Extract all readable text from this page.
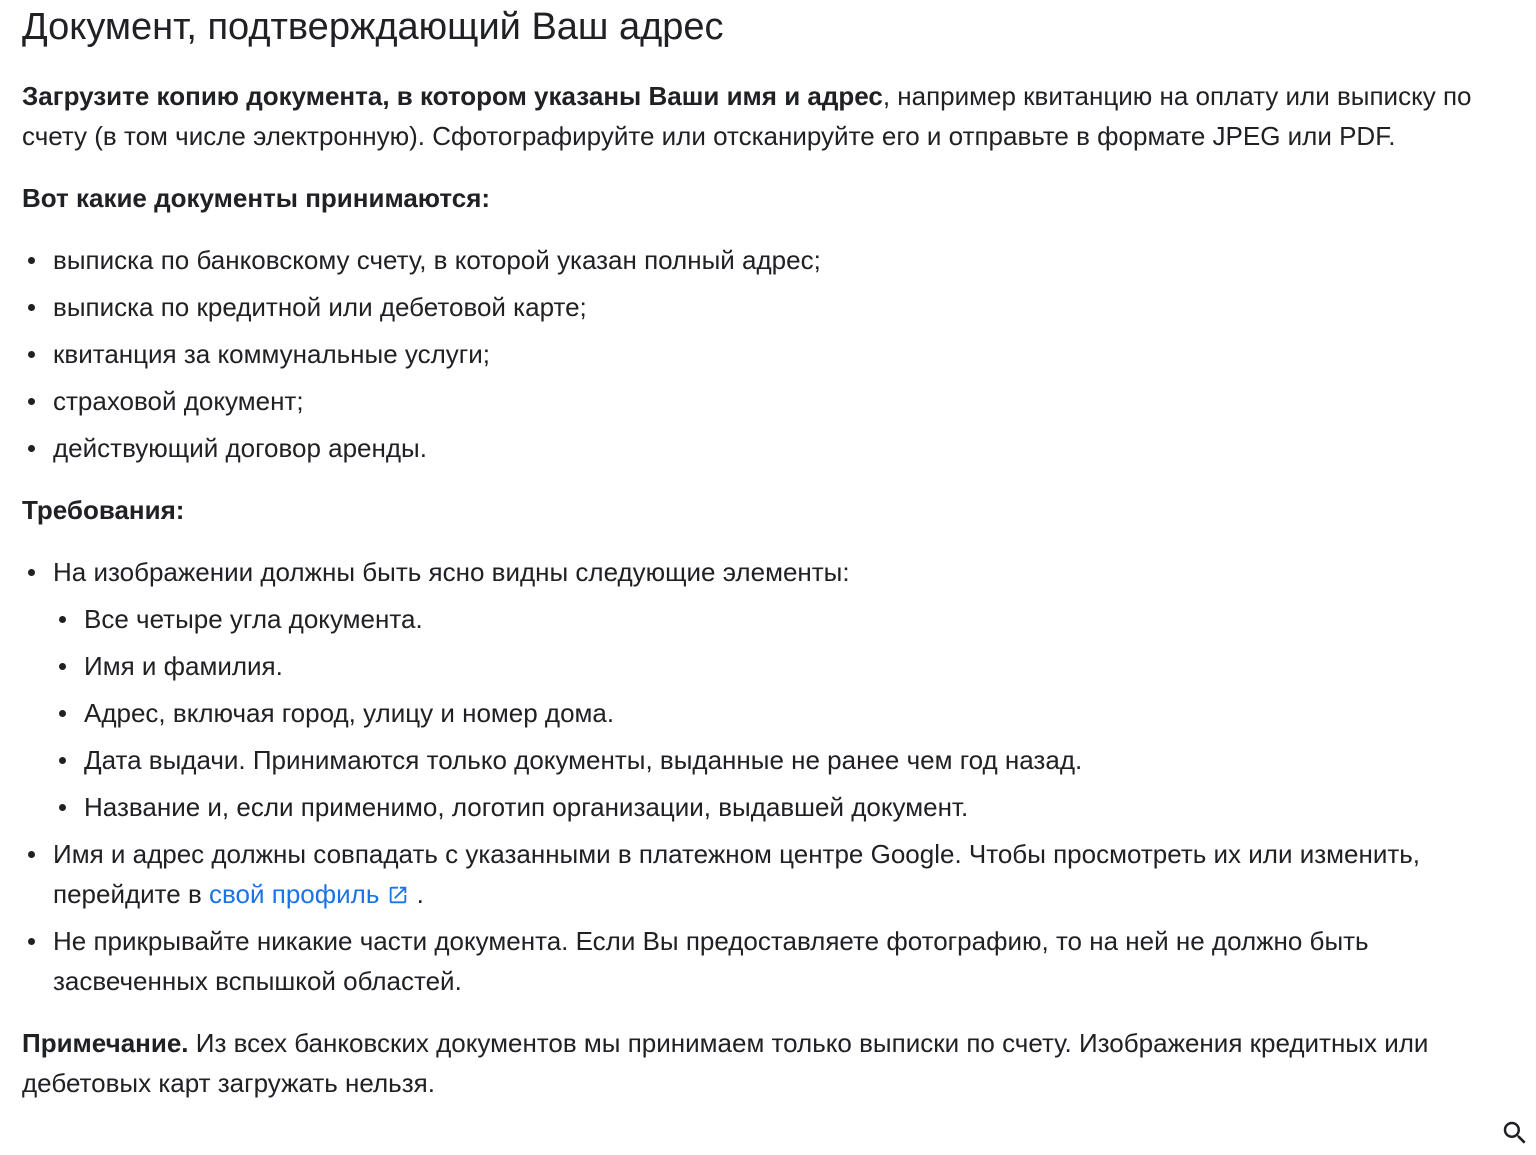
Документ, подтверждающий Ваш адрес

Загрузите копию документа, в котором указаны Ваши имя и адрес, например квитанцию на оплату или выписку по счету (в том числе электронную). Сфотографируйте или отсканируйте его и отправьте в формате JPEG или PDF.

Вот какие документы принимаются:

выписка по банковскому счету, в которой указан полный адрес;
выписка по кредитной или дебетовой карте;
квитанция за коммунальные услуги;
страховой документ;
действующий договор аренды.

Требования:

На изображении должны быть ясно видны следующие элементы:
Все четыре угла документа.
Имя и фамилия.
Адрес, включая город, улицу и номер дома.
Дата выдачи. Принимаются только документы, выданные не ранее чем год назад.
Название и, если применимо, логотип организации, выдавшей документ.
Имя и адрес должны совпадать с указанными в платежном центре Google. Чтобы просмотреть их или изменить, перейдите в свой профиль .
Не прикрывайте никакие части документа. Если Вы предоставляете фотографию, то на ней не должно быть засвеченных вспышкой областей.

Примечание. Из всех банковских документов мы принимаем только выписки по счету. Изображения кредитных или дебетовых карт загружать нельзя.
